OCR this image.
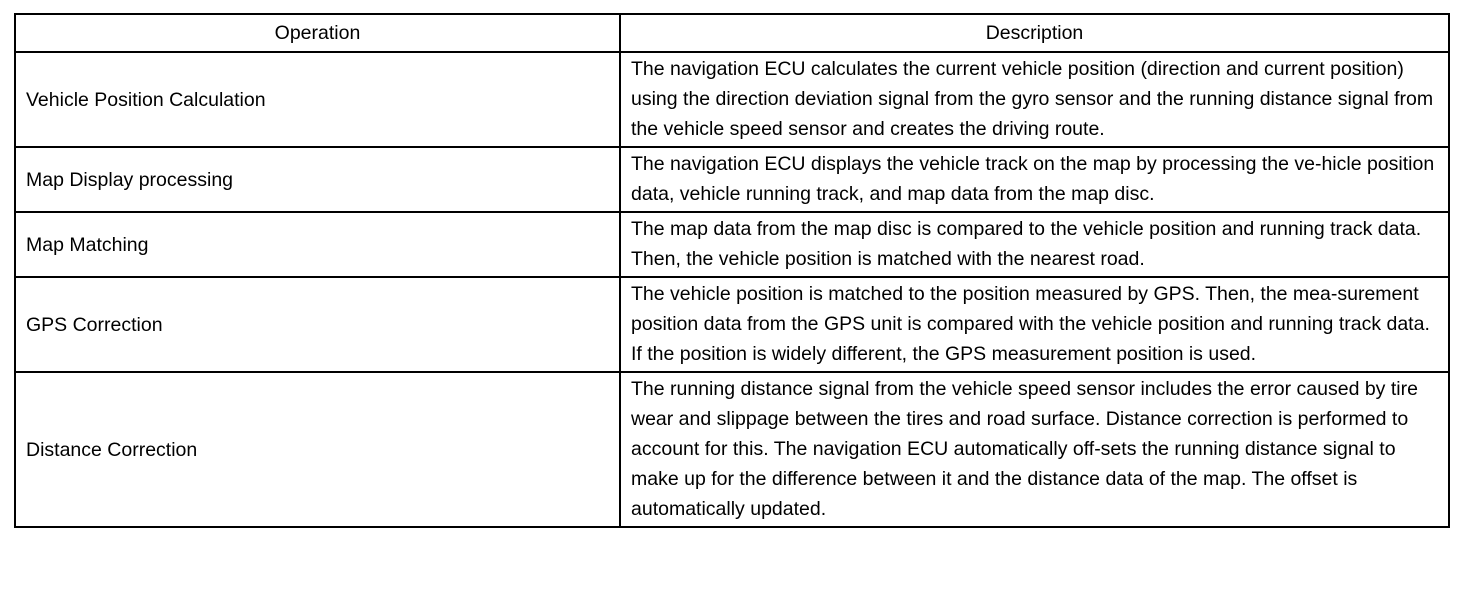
Operation	Description
Vehicle Position Calculation	The navigation ECU calculates the current vehicle position (direction and current position) using the direction deviation signal from the gyro sensor and the running distance signal from the vehicle speed sensor and creates the driving route.
Map Display processing	The navigation ECU displays the vehicle track on the map by processing the ve-hicle position data, vehicle running track, and map data from the map disc.
Map Matching	The map data from the map disc is compared to the vehicle position and running track data. Then, the vehicle position is matched with the nearest road.
GPS Correction	The vehicle position is matched to the position measured by GPS. Then, the mea-surement position data from the GPS unit is compared with the vehicle position and running track data. If the position is widely different, the GPS measurement position is used.
Distance Correction	The running distance signal from the vehicle speed sensor includes the error caused by tire wear and slippage between the tires and road surface. Distance correction is performed to account for this. The navigation ECU automatically off-sets the running distance signal to make up for the difference between it and the distance data of the map. The offset is automatically updated.
